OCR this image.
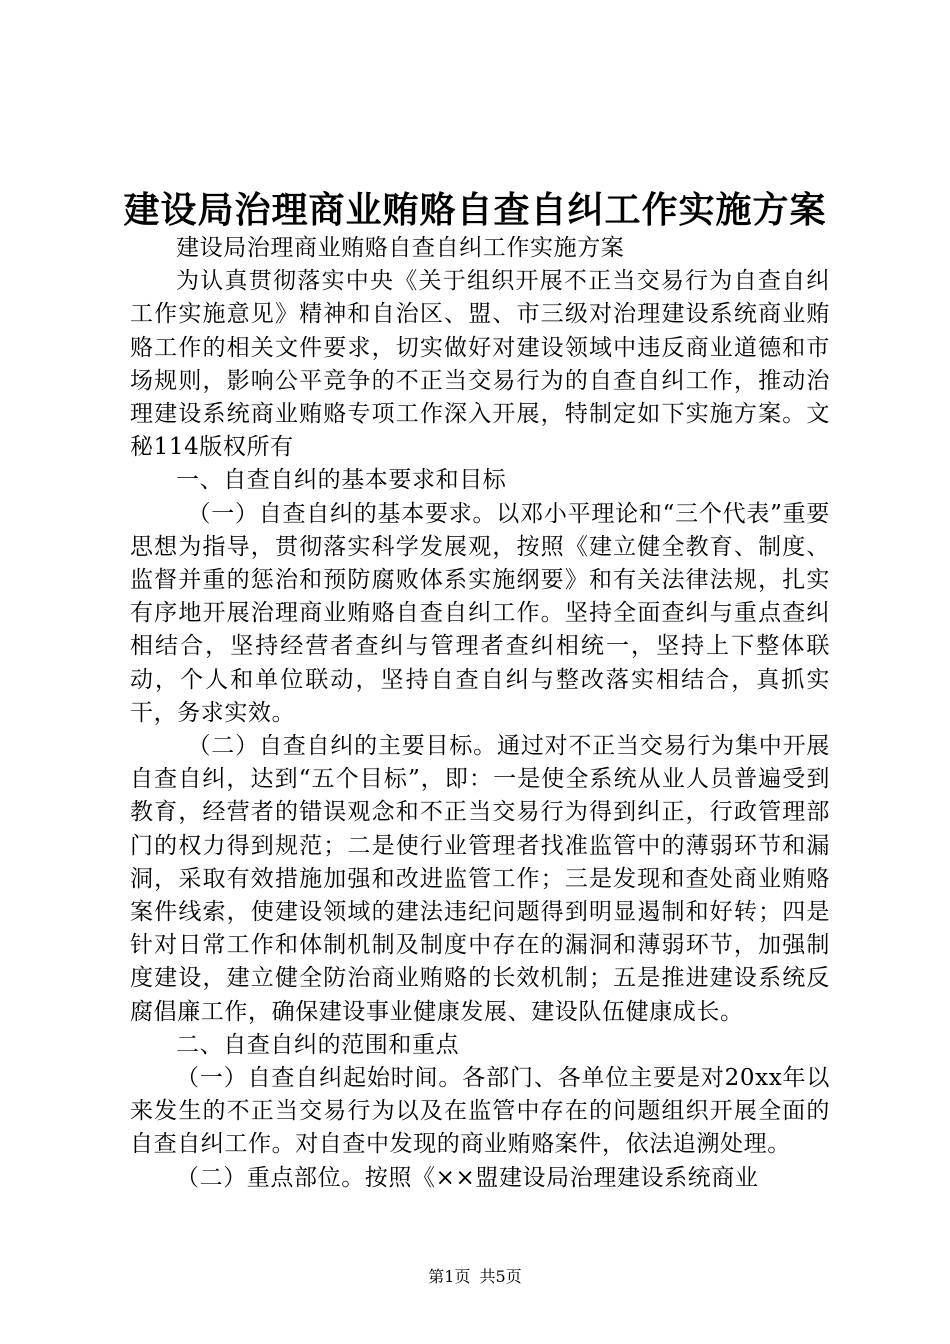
建设局治理商业贿赂自查自纠工作实施方案

建设局治理商业贿赂自查自纠工作实施方案

为认真贯彻落实中央《关于组织开展不正当交易行为自查自纠工作实施意见》精神和自治区、盟、市三级对治理建设系统商业贿赂工作的相关文件要求，切实做好对建设领域中违反商业道德和市场规则，影响公平竞争的不正当交易行为的自查自纠工作，推动治理建设系统商业贿赂专项工作深入开展，特制定如下实施方案。文秘114版权所有

一、自查自纠的基本要求和目标

（一）自查自纠的基本要求。以邓小平理论和“三个代表”重要思想为指导，贯彻落实科学发展观，按照《建立健全教育、制度、监督并重的惩治和预防腐败体系实施纲要》和有关法律法规，扎实有序地开展治理商业贿赂自查自纠工作。坚持全面查纠与重点查纠相结合，坚持经营者查纠与管理者查纠相统一，坚持上下整体联动，个人和单位联动，坚持自查自纠与整改落实相结合，真抓实干，务求实效。

（二）自查自纠的主要目标。通过对不正当交易行为集中开展自查自纠，达到“五个目标”，即：一是使全系统从业人员普遍受到教育，经营者的错误观念和不正当交易行为得到纠正，行政管理部门的权力得到规范；二是使行业管理者找准监管中的薄弱环节和漏洞，采取有效措施加强和改进监管工作；三是发现和查处商业贿赂案件线索，使建设领域的建法违纪问题得到明显遏制和好转；四是针对日常工作和体制机制及制度中存在的漏洞和薄弱环节，加强制度建设，建立健全防治商业贿赂的长效机制；五是推进建设系统反腐倡廉工作，确保建设事业健康发展、建设队伍健康成长。

二、自查自纠的范围和重点

（一）自查自纠起始时间。各部门、各单位主要是对20xx年以来发生的不正当交易行为以及在监管中存在的问题组织开展全面的自查自纠工作。对自查中发现的商业贿赂案件，依法追溯处理。

（二）重点部位。按照《××盟建设局治理建设系统商业

第1页 共5页
